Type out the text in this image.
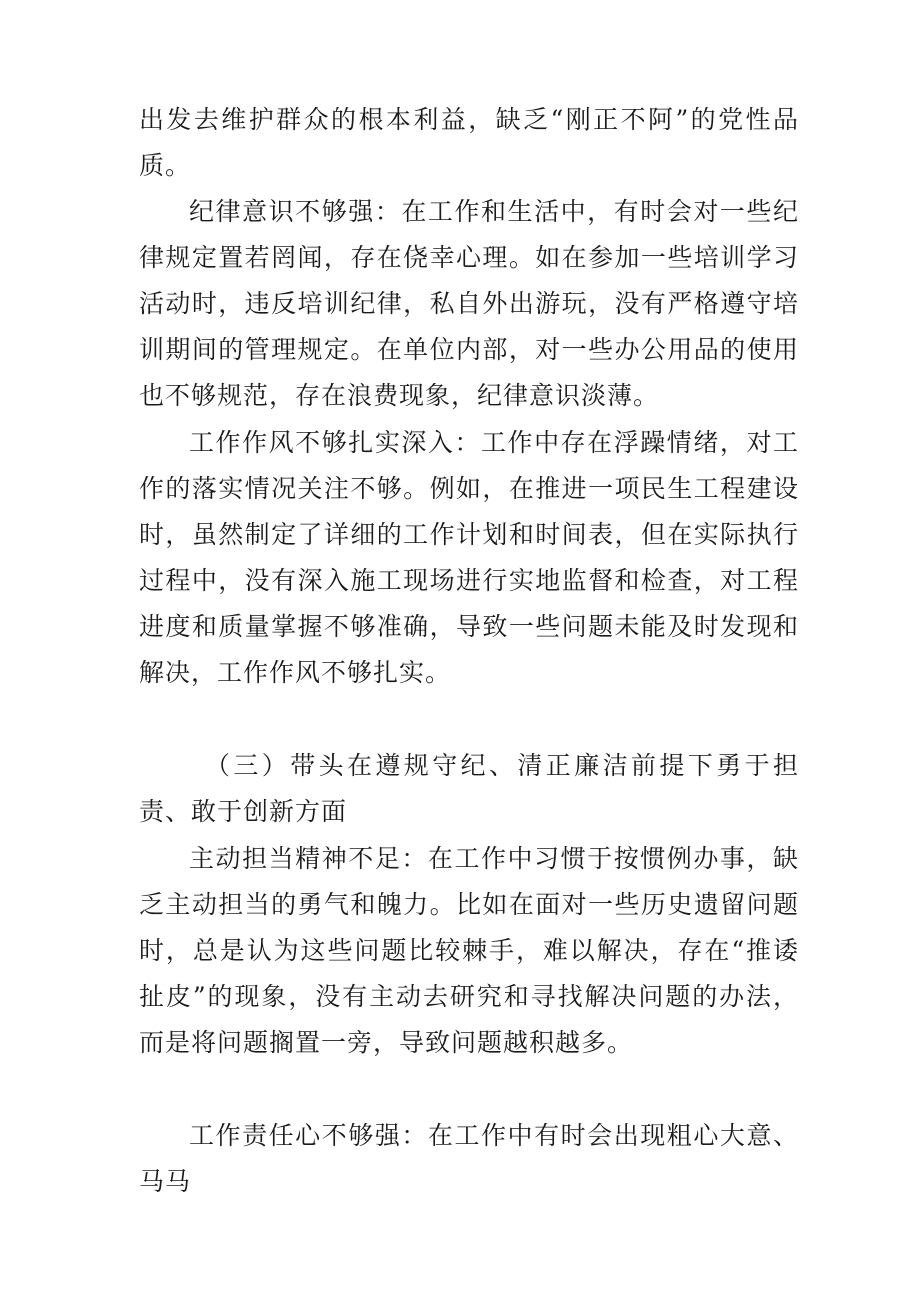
出发去维护群众的根本利益，缺乏“刚正不阿”的党性品质。

纪律意识不够强：在工作和生活中，有时会对一些纪律规定置若罔闻，存在侥幸心理。如在参加一些培训学习活动时，违反培训纪律，私自外出游玩，没有严格遵守培训期间的管理规定。在单位内部，对一些办公用品的使用也不够规范，存在浪费现象，纪律意识淡薄。

工作作风不够扎实深入：工作中存在浮躁情绪，对工作的落实情况关注不够。例如，在推进一项民生工程建设时，虽然制定了详细的工作计划和时间表，但在实际执行过程中，没有深入施工现场进行实地监督和检查，对工程进度和质量掌握不够准确，导致一些问题未能及时发现和解决，工作作风不够扎实。

（三）带头在遵规守纪、清正廉洁前提下勇于担责、敢于创新方面

主动担当精神不足：在工作中习惯于按惯例办事，缺乏主动担当的勇气和魄力。比如在面对一些历史遗留问题时，总是认为这些问题比较棘手，难以解决，存在“推诿扯皮”的现象，没有主动去研究和寻找解决问题的办法，而是将问题搁置一旁，导致问题越积越多。

工作责任心不够强：在工作中有时会出现粗心大意、马马
